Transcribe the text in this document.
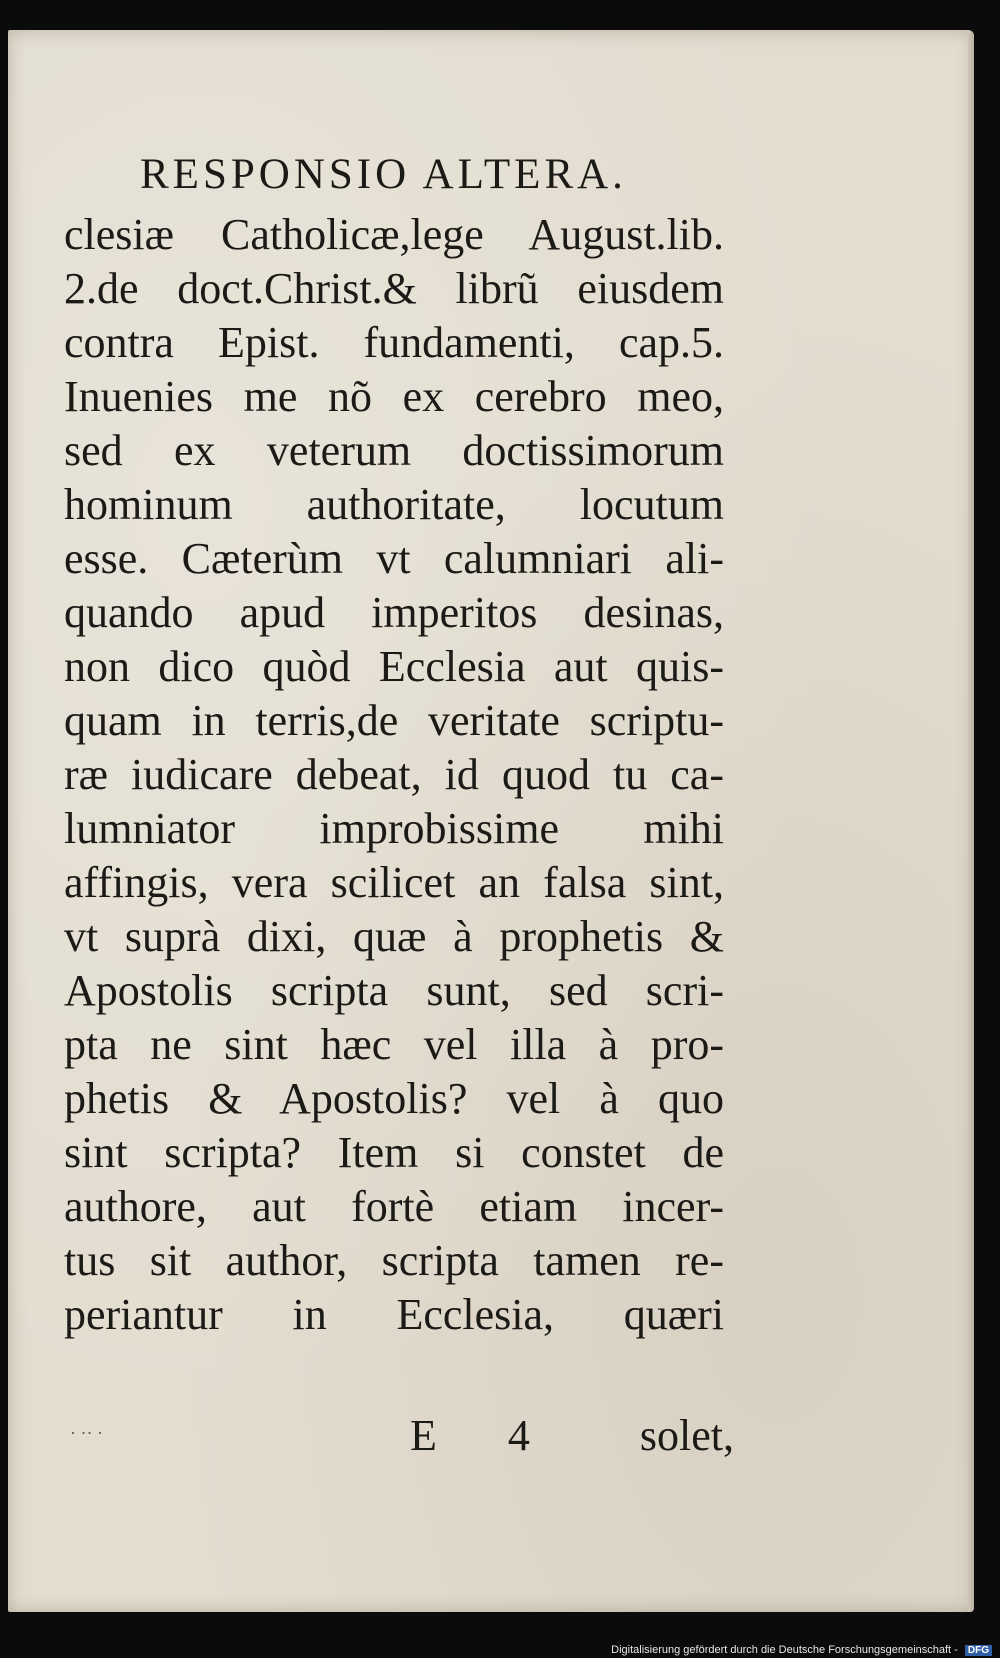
RESPONSIO ALTERA.
clesiæ Catholicæ,lege August.lib.
2.de doct.Christ.& librũ eiusdem
contra Epist. fundamenti, cap.5.
Inuenies me nõ ex cerebro meo,
sed ex veterum doctissimorum
hominum authoritate, locutum
esse. Cæterùm vt calumniari ali-
quando apud imperitos desinas,
non dico quòd Ecclesia aut quis-
quam in terris,de veritate scriptu-
ræ iudicare debeat, id quod tu ca-
lumniator improbissime mihi
affingis, vera scilicet an falsa sint,
vt suprà dixi, quæ à prophetis &
Apostolis scripta sunt, sed scri-
pta ne sint hæc vel illa à pro-
phetis & Apostolis? vel à quo
sint scripta? Item si constet de
authore, aut fortè etiam incer-
tus sit author, scripta tamen re-
periantur in Ecclesia, quæri
․ ․․ ․	E 4 solet,
Digitalisierung gefördert durch die Deutsche Forschungsgemeinschaft - DFG
